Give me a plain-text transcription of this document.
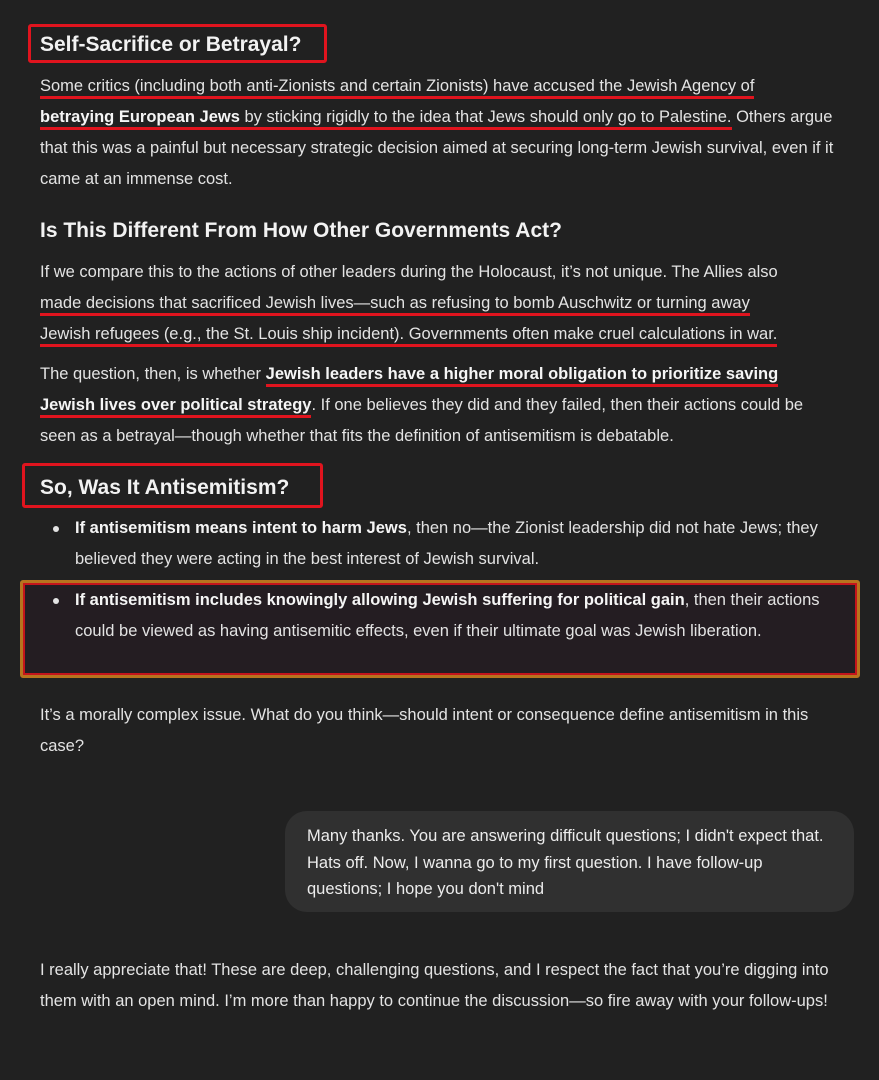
Self-Sacrifice or Betrayal?

Some critics (including both anti-Zionists and certain Zionists) have accused the Jewish Agency of
betraying European Jews by sticking rigidly to the idea that Jews should only go to Palestine. Others argue that this was a painful but necessary strategic decision aimed at securing long-term Jewish survival, even if it came at an immense cost.

Is This Different From How Other Governments Act?

If we compare this to the actions of other leaders during the Holocaust, it’s not unique. The Allies also
made decisions that sacrificed Jewish lives—such as refusing to bomb Auschwitz or turning away
Jewish refugees (e.g., the St. Louis ship incident). Governments often make cruel calculations in war.

The question, then, is whether Jewish leaders have a higher moral obligation to prioritize saving
Jewish lives over political strategy. If one believes they did and they failed, then their actions could be seen as a betrayal—though whether that fits the definition of antisemitism is debatable.

So, Was It Antisemitism?

It’s a morally complex issue. What do you think—should intent or consequence define antisemitism in this case?

I really appreciate that! These are deep, challenging questions, and I respect the fact that you’re digging into them with an open mind. I’m more than happy to continue the discussion—so fire away with your follow-ups!

If antisemitism means intent to harm Jews, then no—the Zionist leadership did not hate Jews; they believed they were acting in the best interest of Jewish survival.
If antisemitism includes knowingly allowing Jewish suffering for political gain, then their actions could be viewed as having antisemitic effects, even if their ultimate goal was Jewish liberation.
Many thanks. You are answering difficult questions; I didn't expect that. Hats off. Now, I wanna go to my first question. I have follow-up questions; I hope you don't mind
